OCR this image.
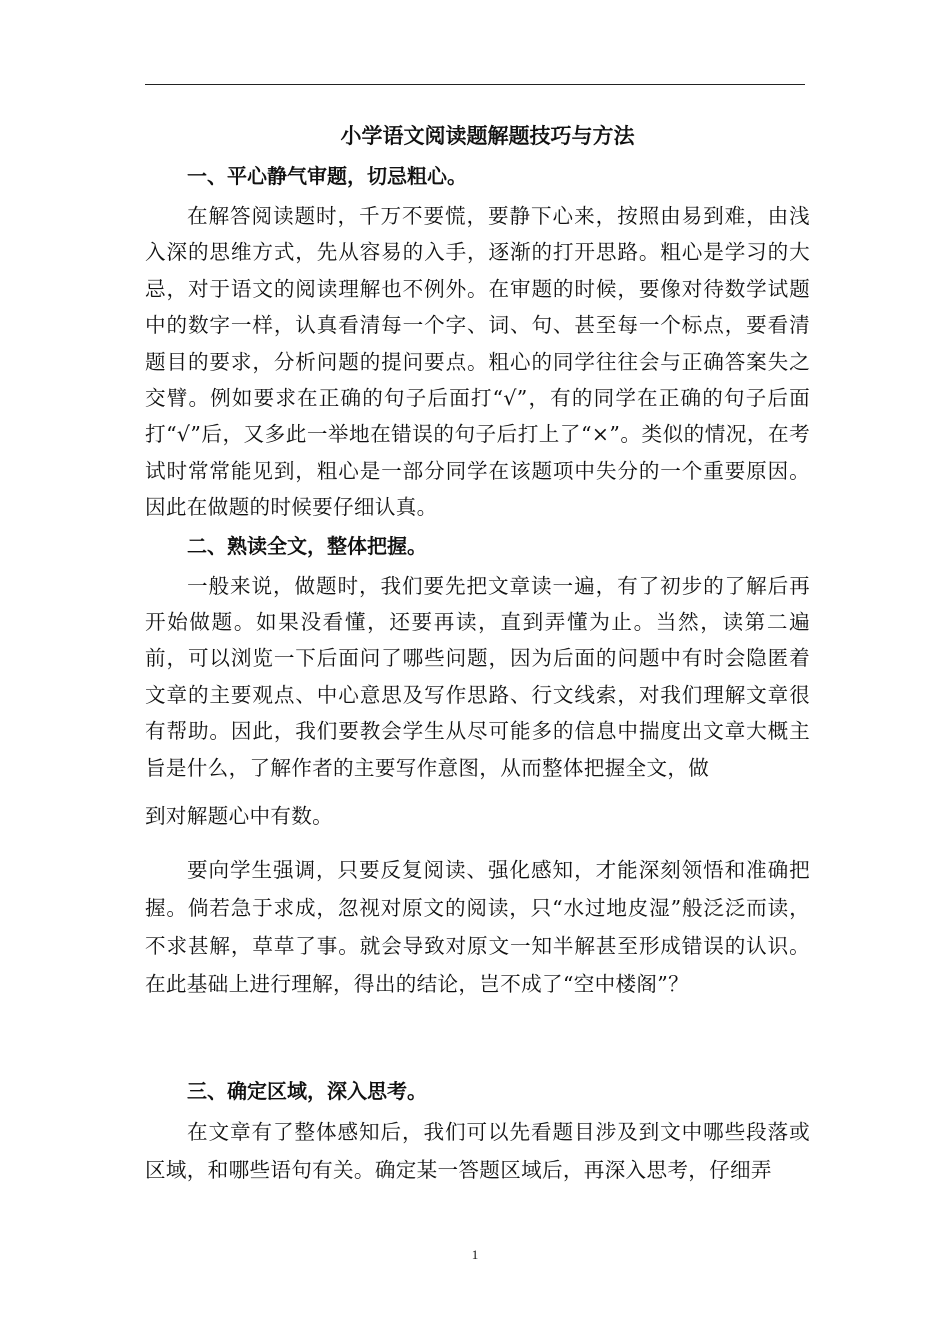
小学语文阅读题解题技巧与方法

一、平心静气审题，切忌粗心。

在解答阅读题时，千万不要慌，要静下心来，按照由易到难，由浅入深的思维方式，先从容易的入手，逐渐的打开思路。粗心是学习的大忌，对于语文的阅读理解也不例外。在审题的时候，要像对待数学试题中的数字一样，认真看清每一个字、词、句、甚至每一个标点，要看清题目的要求，分析问题的提问要点。粗心的同学往往会与正确答案失之交臂。例如要求在正确的句子后面打“√”，有的同学在正确的句子后面打“√”后，又多此一举地在错误的句子后打上了“×”。类似的情况，在考试时常常能见到，粗心是一部分同学在该题项中失分的一个重要原因。因此在做题的时候要仔细认真。

二、熟读全文，整体把握。

一般来说，做题时，我们要先把文章读一遍，有了初步的了解后再开始做题。如果没看懂，还要再读，直到弄懂为止。当然，读第二遍前，可以浏览一下后面问了哪些问题，因为后面的问题中有时会隐匿着文章的主要观点、中心意思及写作思路、行文线索，对我们理解文章很有帮助。因此，我们要教会学生从尽可能多的信息中揣度出文章大概主旨是什么，了解作者的主要写作意图，从而整体把握全文，做

到对解题心中有数。

要向学生强调，只要反复阅读、强化感知，才能深刻领悟和准确把握。倘若急于求成，忽视对原文的阅读，只“水过地皮湿”般泛泛而读，不求甚解，草草了事。就会导致对原文一知半解甚至形成错误的认识。在此基础上进行理解，得出的结论，岂不成了“空中楼阁”？

三、确定区域，深入思考。

在文章有了整体感知后，我们可以先看题目涉及到文中哪些段落或区域，和哪些语句有关。确定某一答题区域后，再深入思考，仔细弄

1
